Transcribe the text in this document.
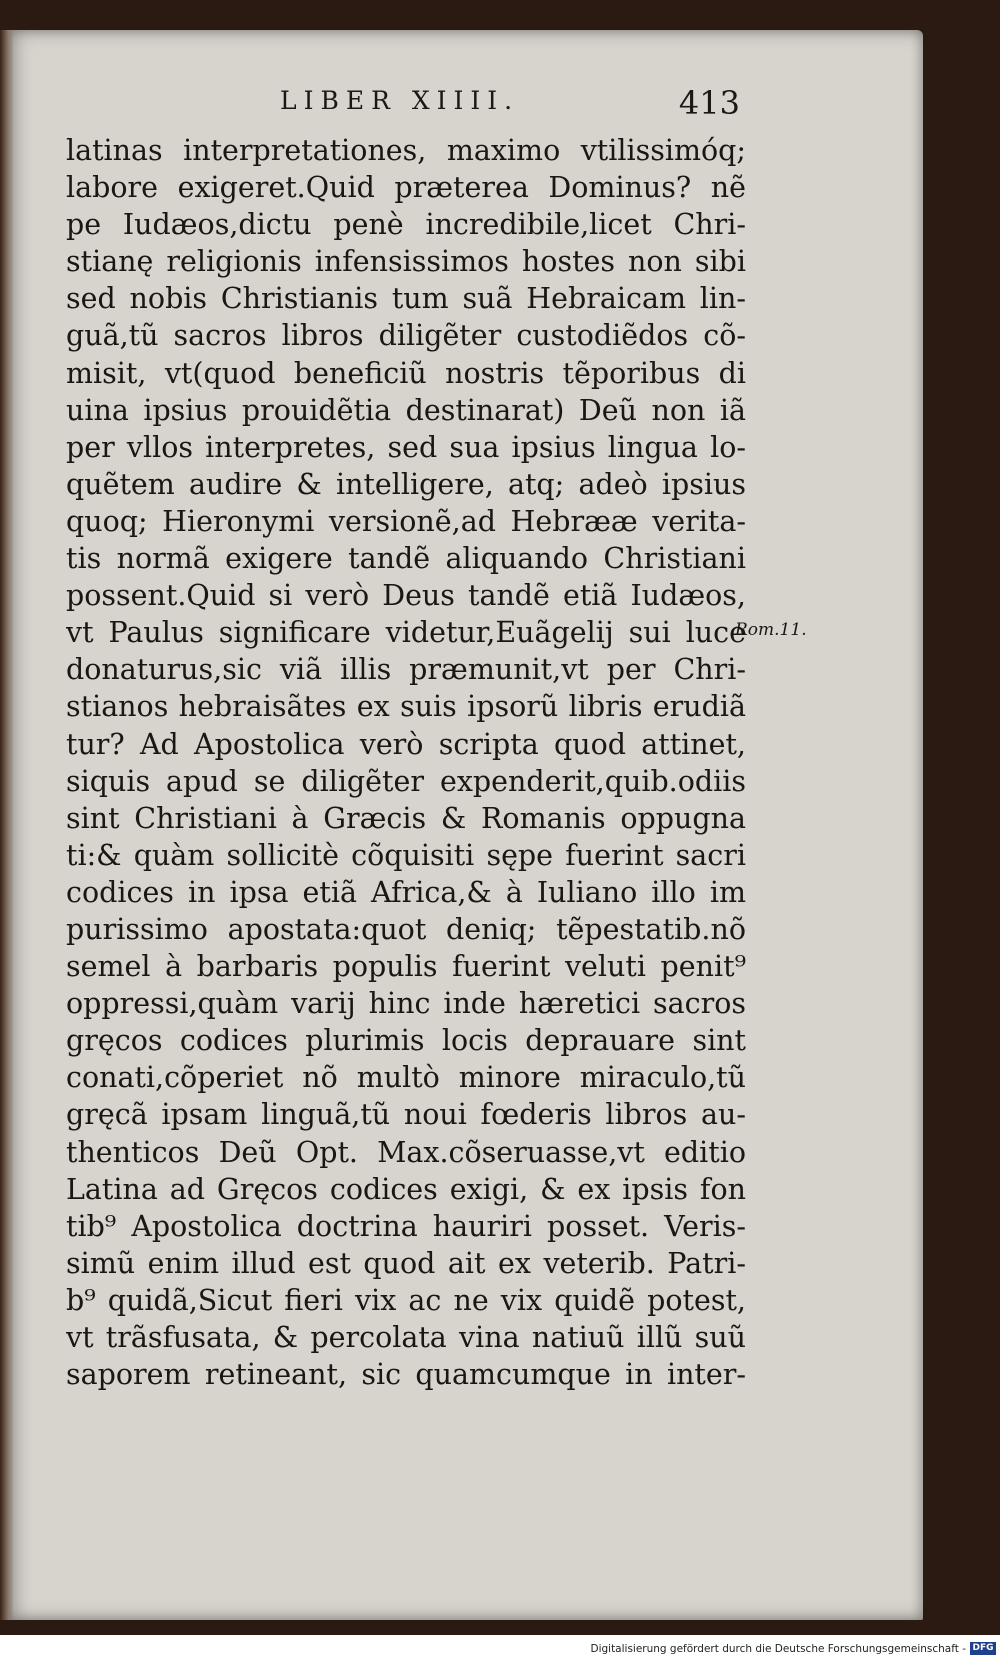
LIBER XIIII.	413
latinas interpretationes, maximo vtilissimóq;
labore exigeret.Quid præterea Dominus? nẽ
pe Iudæos,dictu penè incredibile,licet Chri-
stianę religionis infensissimos hostes non sibi
sed nobis Christianis tum suã Hebraicam lin-
guã,tũ sacros libros diligẽter custodiẽdos cõ-
misit, vt(quod beneficiũ nostris tẽporibus di
uina ipsius prouidẽtia destinarat) Deũ non iã
per vllos interpretes, sed sua ipsius lingua lo-
quẽtem audire & intelligere, atq; adeò ipsius
quoq; Hieronymi versionẽ,ad Hebrææ verita-
tis normã exigere tandẽ aliquando Christiani
possent.Quid si verò Deus tandẽ etiã Iudæos,
vt Paulus significare videtur,Euãgelij sui luce
donaturus,sic viã illis præmunit,vt per Chri-
stianos hebraisãtes ex suis ipsorũ libris erudiã
tur? Ad Apostolica verò scripta quod attinet,
siquis apud se diligẽter expenderit,quib.odiis
sint Christiani à Græcis & Romanis oppugna
ti:& quàm sollicitè cõquisiti sępe fuerint sacri
codices in ipsa etiã Africa,& à Iuliano illo im
purissimo apostata:quot deniq; tẽpestatib.nõ
semel à barbaris populis fuerint veluti penit⁹
oppressi,quàm varij hinc inde hæretici sacros
gręcos codices plurimis locis deprauare sint
conati,cõperiet nõ multò minore miraculo,tũ
gręcã ipsam linguã,tũ noui fœderis libros au-
thenticos Deũ Opt. Max.cõseruasse,vt editio
Latina ad Gręcos codices exigi, & ex ipsis fon
tib⁹ Apostolica doctrina hauriri posset. Veris-
simũ enim illud est quod ait ex veterib. Patri-
b⁹ quidã,Sicut fieri vix ac ne vix quidẽ potest,
vt trãsfusata, & percolata vina natiuũ illũ suũ
saporem retineant, sic quamcumque in inter-
Rom.11.
Digitalisierung gefördert durch die Deutsche Forschungsgemeinschaft - DFG
